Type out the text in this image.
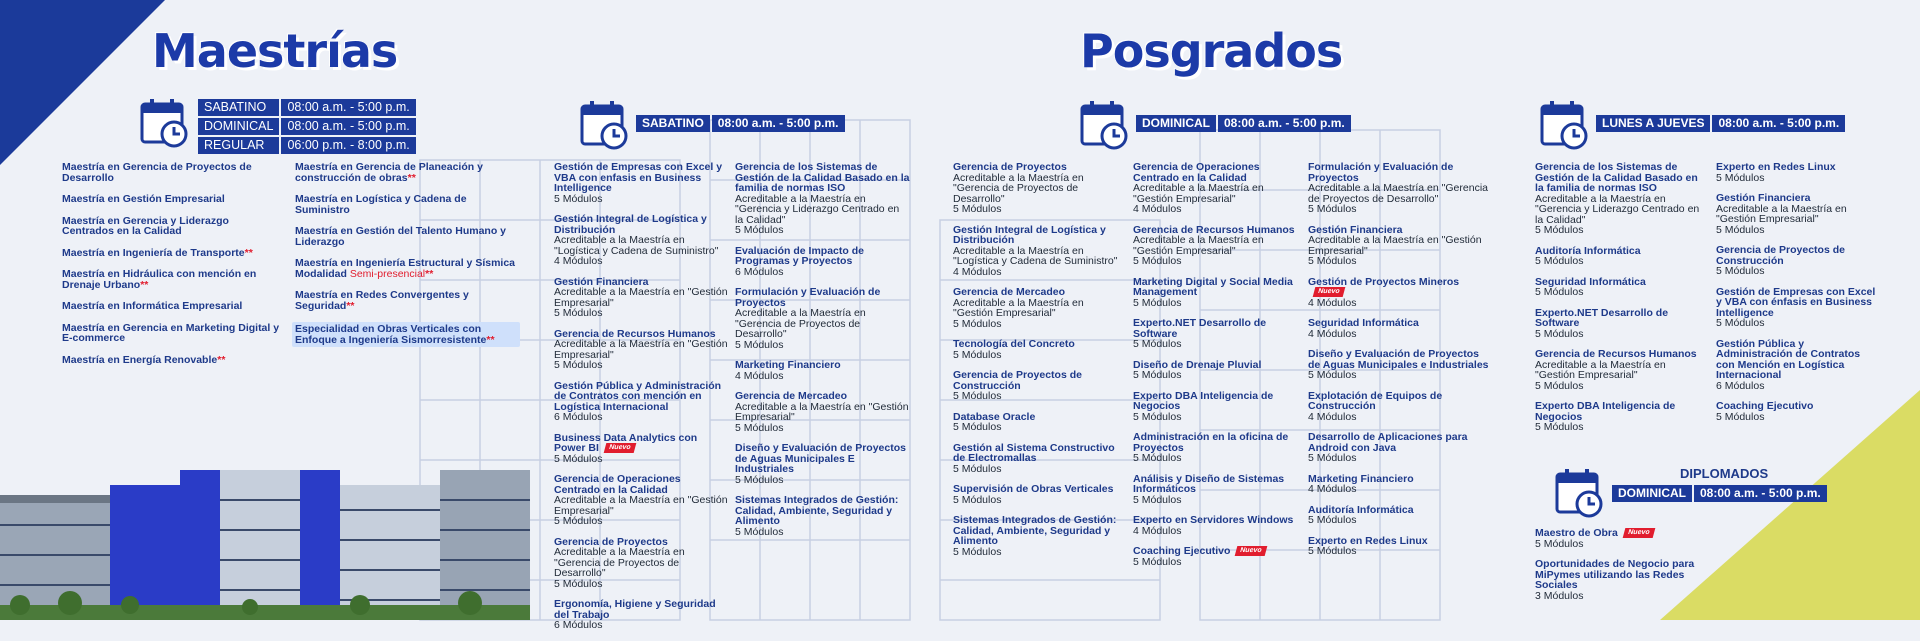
Maestrías	Posgrados
SABATINO	08:00 a.m. - 5:00 p.m.
DOMINICAL	08:00 a.m. - 5:00 p.m.
REGULAR	06:00 p.m. - 8:00 p.m.
SABATINO	08:00 a.m. - 5:00 p.m.	DOMINICAL	08:00 a.m. - 5:00 p.m.	LUNES A JUEVES	08:00 a.m. - 5:00 p.m.
DIPLOMADOS
DOMINICAL	08:00 a.m. - 5:00 p.m.
Maestría en Gerencia de Proyectos de Desarrollo
Maestría en Gestión Empresarial
Maestría en Gerencia y Liderazgo Centrados en la Calidad
Maestría en Ingeniería de Transporte**
Maestría en Hidráulica con mención en Drenaje Urbano**
Maestría en Informática Empresarial
Maestría en Gerencia en Marketing Digital y E-commerce
Maestría en Energía Renovable**
Maestría en Gerencia de Planeación y construcción de obras**
Maestría en Logística y Cadena de Suministro
Maestría en Gestión del Talento Humano y Liderazgo
Maestría en Ingeniería Estructural y Sísmica Modalidad Semi-presencial**
Maestría en Redes Convergentes y Seguridad**
Especialidad en Obras Verticales con Enfoque a Ingeniería Sismorresistente**
Gestión de Empresas con Excel y VBA con enfasis en Business Intelligence
5 Módulos
Gestión Integral de Logística y Distribución
Acreditable a la Maestría en "Logística y Cadena de Suministro"
4 Módulos
Gestión Financiera
Acreditable a la Maestría en "Gestión Empresarial"
5 Módulos
Gerencia de Recursos Humanos
Acreditable a la Maestría en "Gestión Empresarial"
5 Módulos
Gestión Pública y Administración de Contratos con mención en Logística Internacional
6 Módulos
Business Data Analytics con Power BI Nuevo
5 Módulos
Gerencia de Operaciones Centrado en la Calidad
Acreditable a la Maestría en "Gestión Empresarial"
5 Módulos
Gerencia de Proyectos
Acreditable a la Maestría en "Gerencia de Proyectos de Desarrollo"
5 Módulos
Ergonomía, Higiene y Seguridad del Trabajo
6 Módulos
Gerencia de los Sistemas de Gestión de la Calidad Basado en la familia de normas ISO
Acreditable a la Maestría en "Gerencia y Liderazgo Centrado en la Calidad"
5 Módulos
Evaluación de Impacto de Programas y Proyectos
6 Módulos
Formulación y Evaluación de Proyectos
Acreditable a la Maestría en "Gerencia de Proyectos de Desarrollo"
5 Módulos
Marketing Financiero
4 Módulos
Gerencia de Mercadeo
Acreditable a la Maestría en "Gestión Empresarial"
5 Módulos
Diseño y Evaluación de Proyectos de Aguas Municipales E Industriales
5 Módulos
Sistemas Integrados de Gestión: Calidad, Ambiente, Seguridad y Alimento
5 Módulos
Gerencia de Proyectos
Acreditable a la Maestría en "Gerencia de Proyectos de Desarrollo"
5 Módulos
Gestión Integral de Logística y Distribución
Acreditable a la Maestría en "Logística y Cadena de Suministro"
4 Módulos
Gerencia de Mercadeo
Acreditable a la Maestría en "Gestión Empresarial"
5 Módulos
Tecnología del Concreto
5 Módulos
Gerencia de Proyectos de Construcción
5 Módulos
Database Oracle
5 Módulos
Gestión al Sistema Constructivo de Electromallas
5 Módulos
Supervisión de Obras Verticales
5 Módulos
Sistemas Integrados de Gestión: Calidad, Ambiente, Seguridad y Alimento
5 Módulos
Gerencia de Operaciones Centrado en la Calidad
Acreditable a la Maestría en "Gestión Empresarial"
4 Módulos
Gerencia de Recursos Humanos
Acreditable a la Maestría en "Gestión Empresarial"
5 Módulos
Marketing Digital y Social Media Management
5 Módulos
Experto.NET Desarrollo de Software
5 Módulos
Diseño de Drenaje Pluvial
5 Módulos
Experto DBA Inteligencia de Negocios
5 Módulos
Administración en la oficina de Proyectos
5 Módulos
Análisis y Diseño de Sistemas Informáticos
5 Módulos
Experto en Servidores Windows
4 Módulos
Coaching Ejecutivo Nuevo
5 Módulos
Formulación y Evaluación de Proyectos
Acreditable a la Maestría en "Gerencia de Proyectos de Desarrollo"
5 Módulos
Gestión Financiera
Acreditable a la Maestría en "Gestión Empresarial"
5 Módulos
Gestión de Proyectos MinerosNuevo
4 Módulos
Seguridad Informática
4 Módulos
Diseño y Evaluación de Proyectos de Aguas Municipales e Industriales
5 Módulos
Explotación de Equipos de Construcción
4 Módulos
Desarrollo de Aplicaciones para Android con Java
5 Módulos
Marketing Financiero
4 Módulos
Auditoría Informática
5 Módulos
Experto en Redes Linux
5 Módulos
Gerencia de los Sistemas de Gestión de la Calidad Basado en la familia de normas ISO
Acreditable a la Maestría en "Gerencia y Liderazgo Centrado en la Calidad"
5 Módulos
Auditoría Informática
5 Módulos
Seguridad Informática
5 Módulos
Experto.NET Desarrollo de Software
5 Módulos
Gerencia de Recursos Humanos
Acreditable a la Maestría en "Gestión Empresarial"
5 Módulos
Experto DBA Inteligencia de Negocios
5 Módulos
Experto en Redes Linux
5 Módulos
Gestión Financiera
Acreditable a la Maestría en "Gestión Empresarial"
5 Módulos
Gerencia de Proyectos de Construcción
5 Módulos
Gestión de Empresas con Excel y VBA con énfasis en Business Intelligence
5 Módulos
Gestión Pública y Administración de Contratos con Mención en Logística Internacional
6 Módulos
Coaching Ejecutivo
5 Módulos
Maestro de Obra Nuevo
5 Módulos
Oportunidades de Negocio para MiPymes utilizando las Redes Sociales
3 Módulos
